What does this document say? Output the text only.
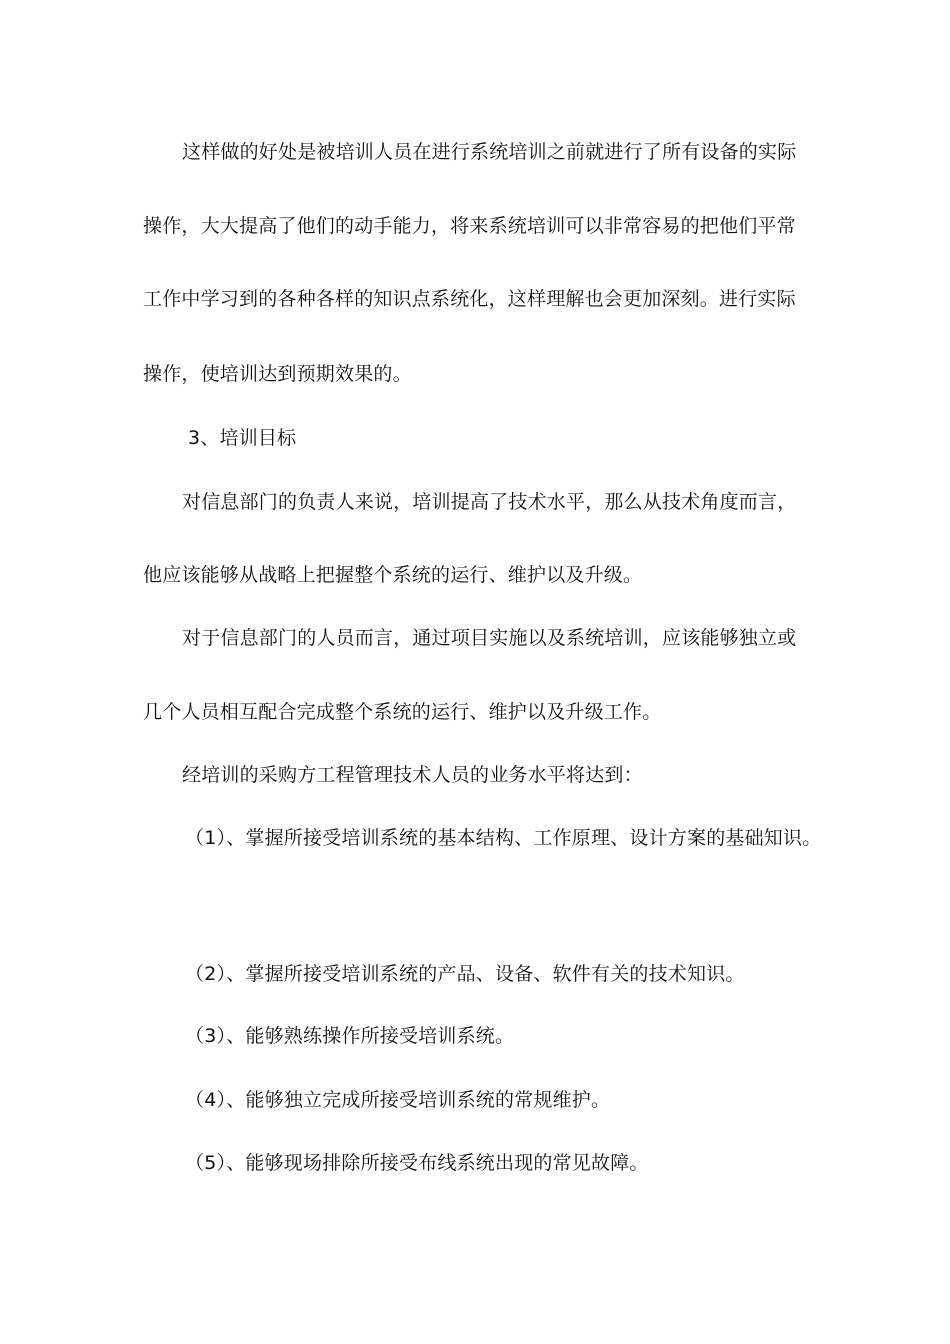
这样做的好处是被培训人员在进行系统培训之前就进行了所有设备的实际
操作，大大提高了他们的动手能力，将来系统培训可以非常容易的把他们平常
工作中学习到的各种各样的知识点系统化，这样理解也会更加深刻。进行实际
操作，使培训达到预期效果的。
3、培训目标
对信息部门的负责人来说，培训提高了技术水平，那么从技术角度而言，
他应该能够从战略上把握整个系统的运行、维护以及升级。
对于信息部门的人员而言，通过项目实施以及系统培训，应该能够独立或
几个人员相互配合完成整个系统的运行、维护以及升级工作。
经培训的采购方工程管理技术人员的业务水平将达到：
（1）、掌握所接受培训系统的基本结构、工作原理、设计方案的基础知识。
（2）、掌握所接受培训系统的产品、设备、软件有关的技术知识。
（3）、能够熟练操作所接受培训系统。
（4）、能够独立完成所接受培训系统的常规维护。
（5）、能够现场排除所接受布线系统出现的常见故障。
